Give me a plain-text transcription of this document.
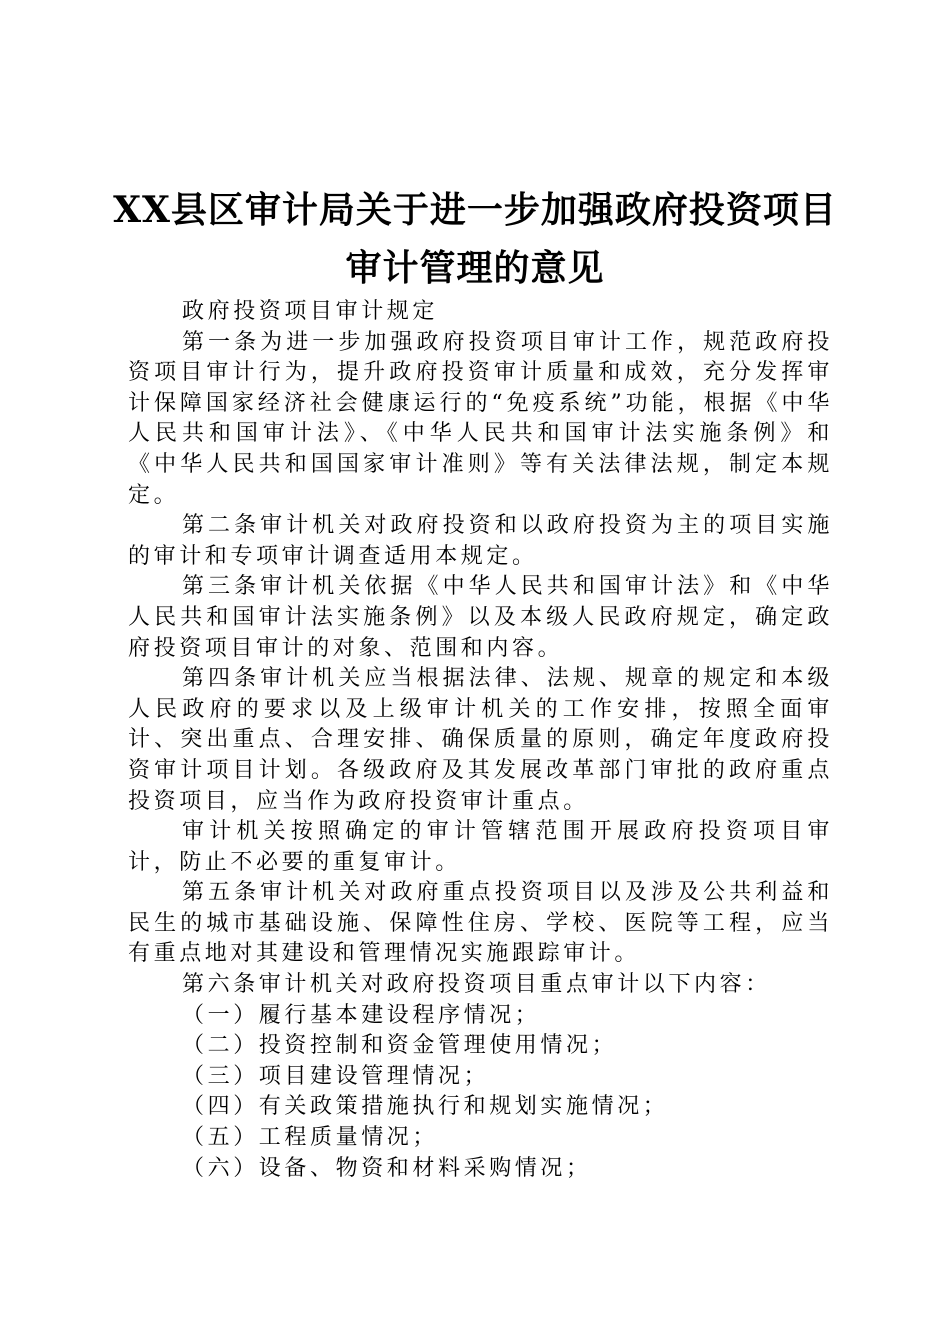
XX县区审计局关于进一步加强政府投资项目
审计管理的意见

政府投资项目审计规定

第一条为进一步加强政府投资项目审计工作，规范政府投资项目审计行为，提升政府投资审计质量和成效，充分发挥审计保障国家经济社会健康运行的“免疫系统”功能，根据《中华人民共和国审计法》、《中华人民共和国审计法实施条例》和《中华人民共和国国家审计准则》等有关法律法规，制定本规定。

第二条审计机关对政府投资和以政府投资为主的项目实施的审计和专项审计调查适用本规定。

第三条审计机关依据《中华人民共和国审计法》和《中华人民共和国审计法实施条例》以及本级人民政府规定，确定政府投资项目审计的对象、范围和内容。

第四条审计机关应当根据法律、法规、规章的规定和本级人民政府的要求以及上级审计机关的工作安排，按照全面审计、突出重点、合理安排、确保质量的原则，确定年度政府投资审计项目计划。各级政府及其发展改革部门审批的政府重点投资项目，应当作为政府投资审计重点。

审计机关按照确定的审计管辖范围开展政府投资项目审计，防止不必要的重复审计。

第五条审计机关对政府重点投资项目以及涉及公共利益和民生的城市基础设施、保障性住房、学校、医院等工程，应当有重点地对其建设和管理情况实施跟踪审计。

第六条审计机关对政府投资项目重点审计以下内容：

（一）履行基本建设程序情况；

（二）投资控制和资金管理使用情况；

（三）项目建设管理情况；

（四）有关政策措施执行和规划实施情况；

（五）工程质量情况；

（六）设备、物资和材料采购情况；
